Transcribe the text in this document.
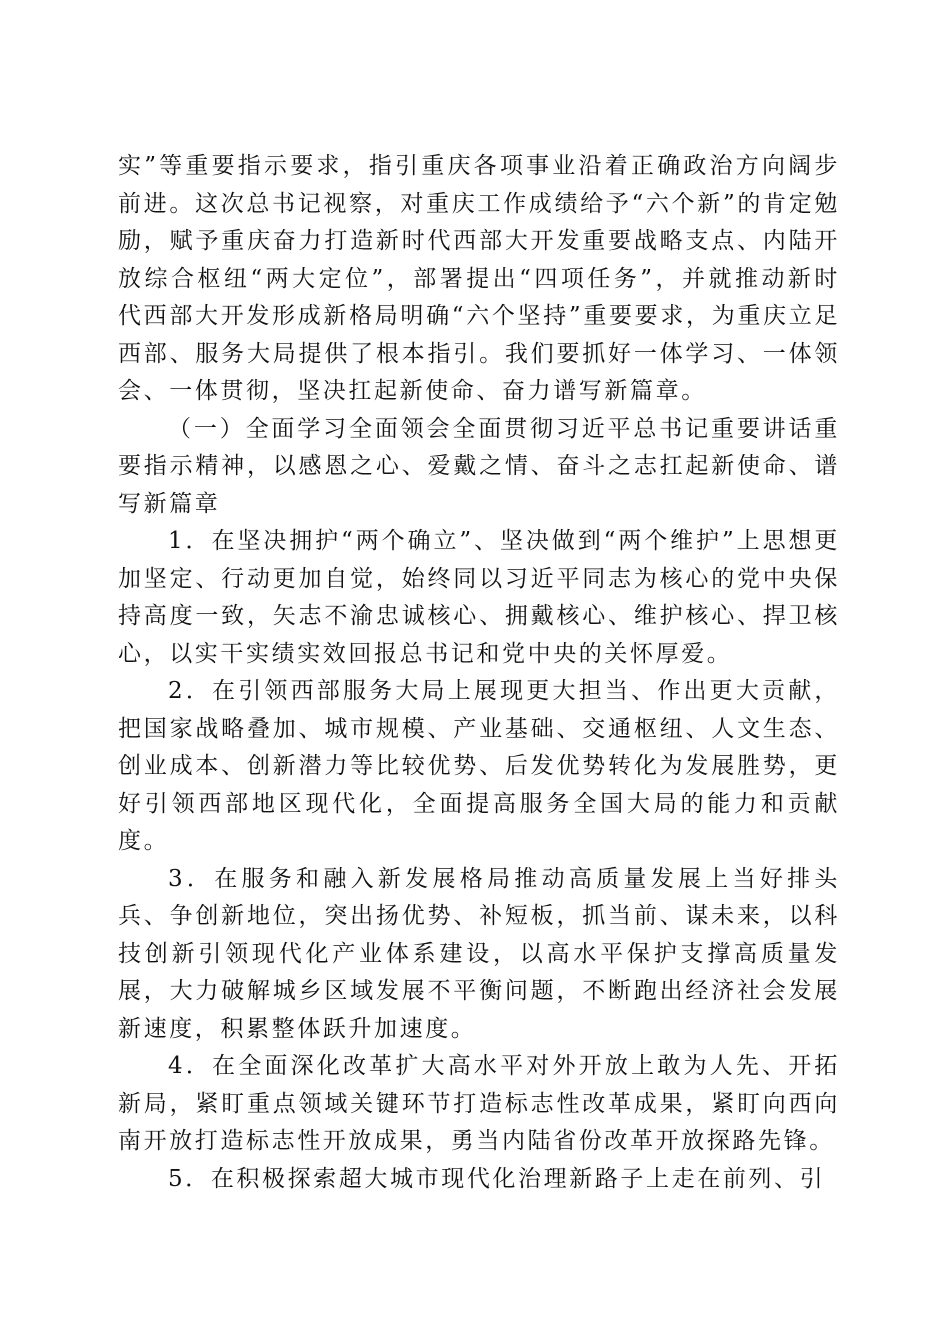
实”等重要指示要求，指引重庆各项事业沿着正确政治方向阔步前进。这次总书记视察，对重庆工作成绩给予“六个新”的肯定勉励，赋予重庆奋力打造新时代西部大开发重要战略支点、内陆开放综合枢纽“两大定位”，部署提出“四项任务”，并就推动新时代西部大开发形成新格局明确“六个坚持”重要要求，为重庆立足西部、服务大局提供了根本指引。我们要抓好一体学习、一体领会、一体贯彻，坚决扛起新使命、奋力谱写新篇章。

（一）全面学习全面领会全面贯彻习近平总书记重要讲话重要指示精神，以感恩之心、爱戴之情、奋斗之志扛起新使命、谱写新篇章

1．在坚决拥护“两个确立”、坚决做到“两个维护”上思想更加坚定、行动更加自觉，始终同以习近平同志为核心的党中央保持高度一致，矢志不渝忠诚核心、拥戴核心、维护核心、捍卫核心，以实干实绩实效回报总书记和党中央的关怀厚爱。

2．在引领西部服务大局上展现更大担当、作出更大贡献，把国家战略叠加、城市规模、产业基础、交通枢纽、人文生态、创业成本、创新潜力等比较优势、后发优势转化为发展胜势，更好引领西部地区现代化，全面提高服务全国大局的能力和贡献度。

3．在服务和融入新发展格局推动高质量发展上当好排头兵、争创新地位，突出扬优势、补短板，抓当前、谋未来，以科技创新引领现代化产业体系建设，以高水平保护支撑高质量发展，大力破解城乡区域发展不平衡问题，不断跑出经济社会发展新速度，积累整体跃升加速度。

4．在全面深化改革扩大高水平对外开放上敢为人先、开拓新局，紧盯重点领域关键环节打造标志性改革成果，紧盯向西向南开放打造标志性开放成果，勇当内陆省份改革开放探路先锋。

5．在积极探索超大城市现代化治理新路子上走在前列、引
